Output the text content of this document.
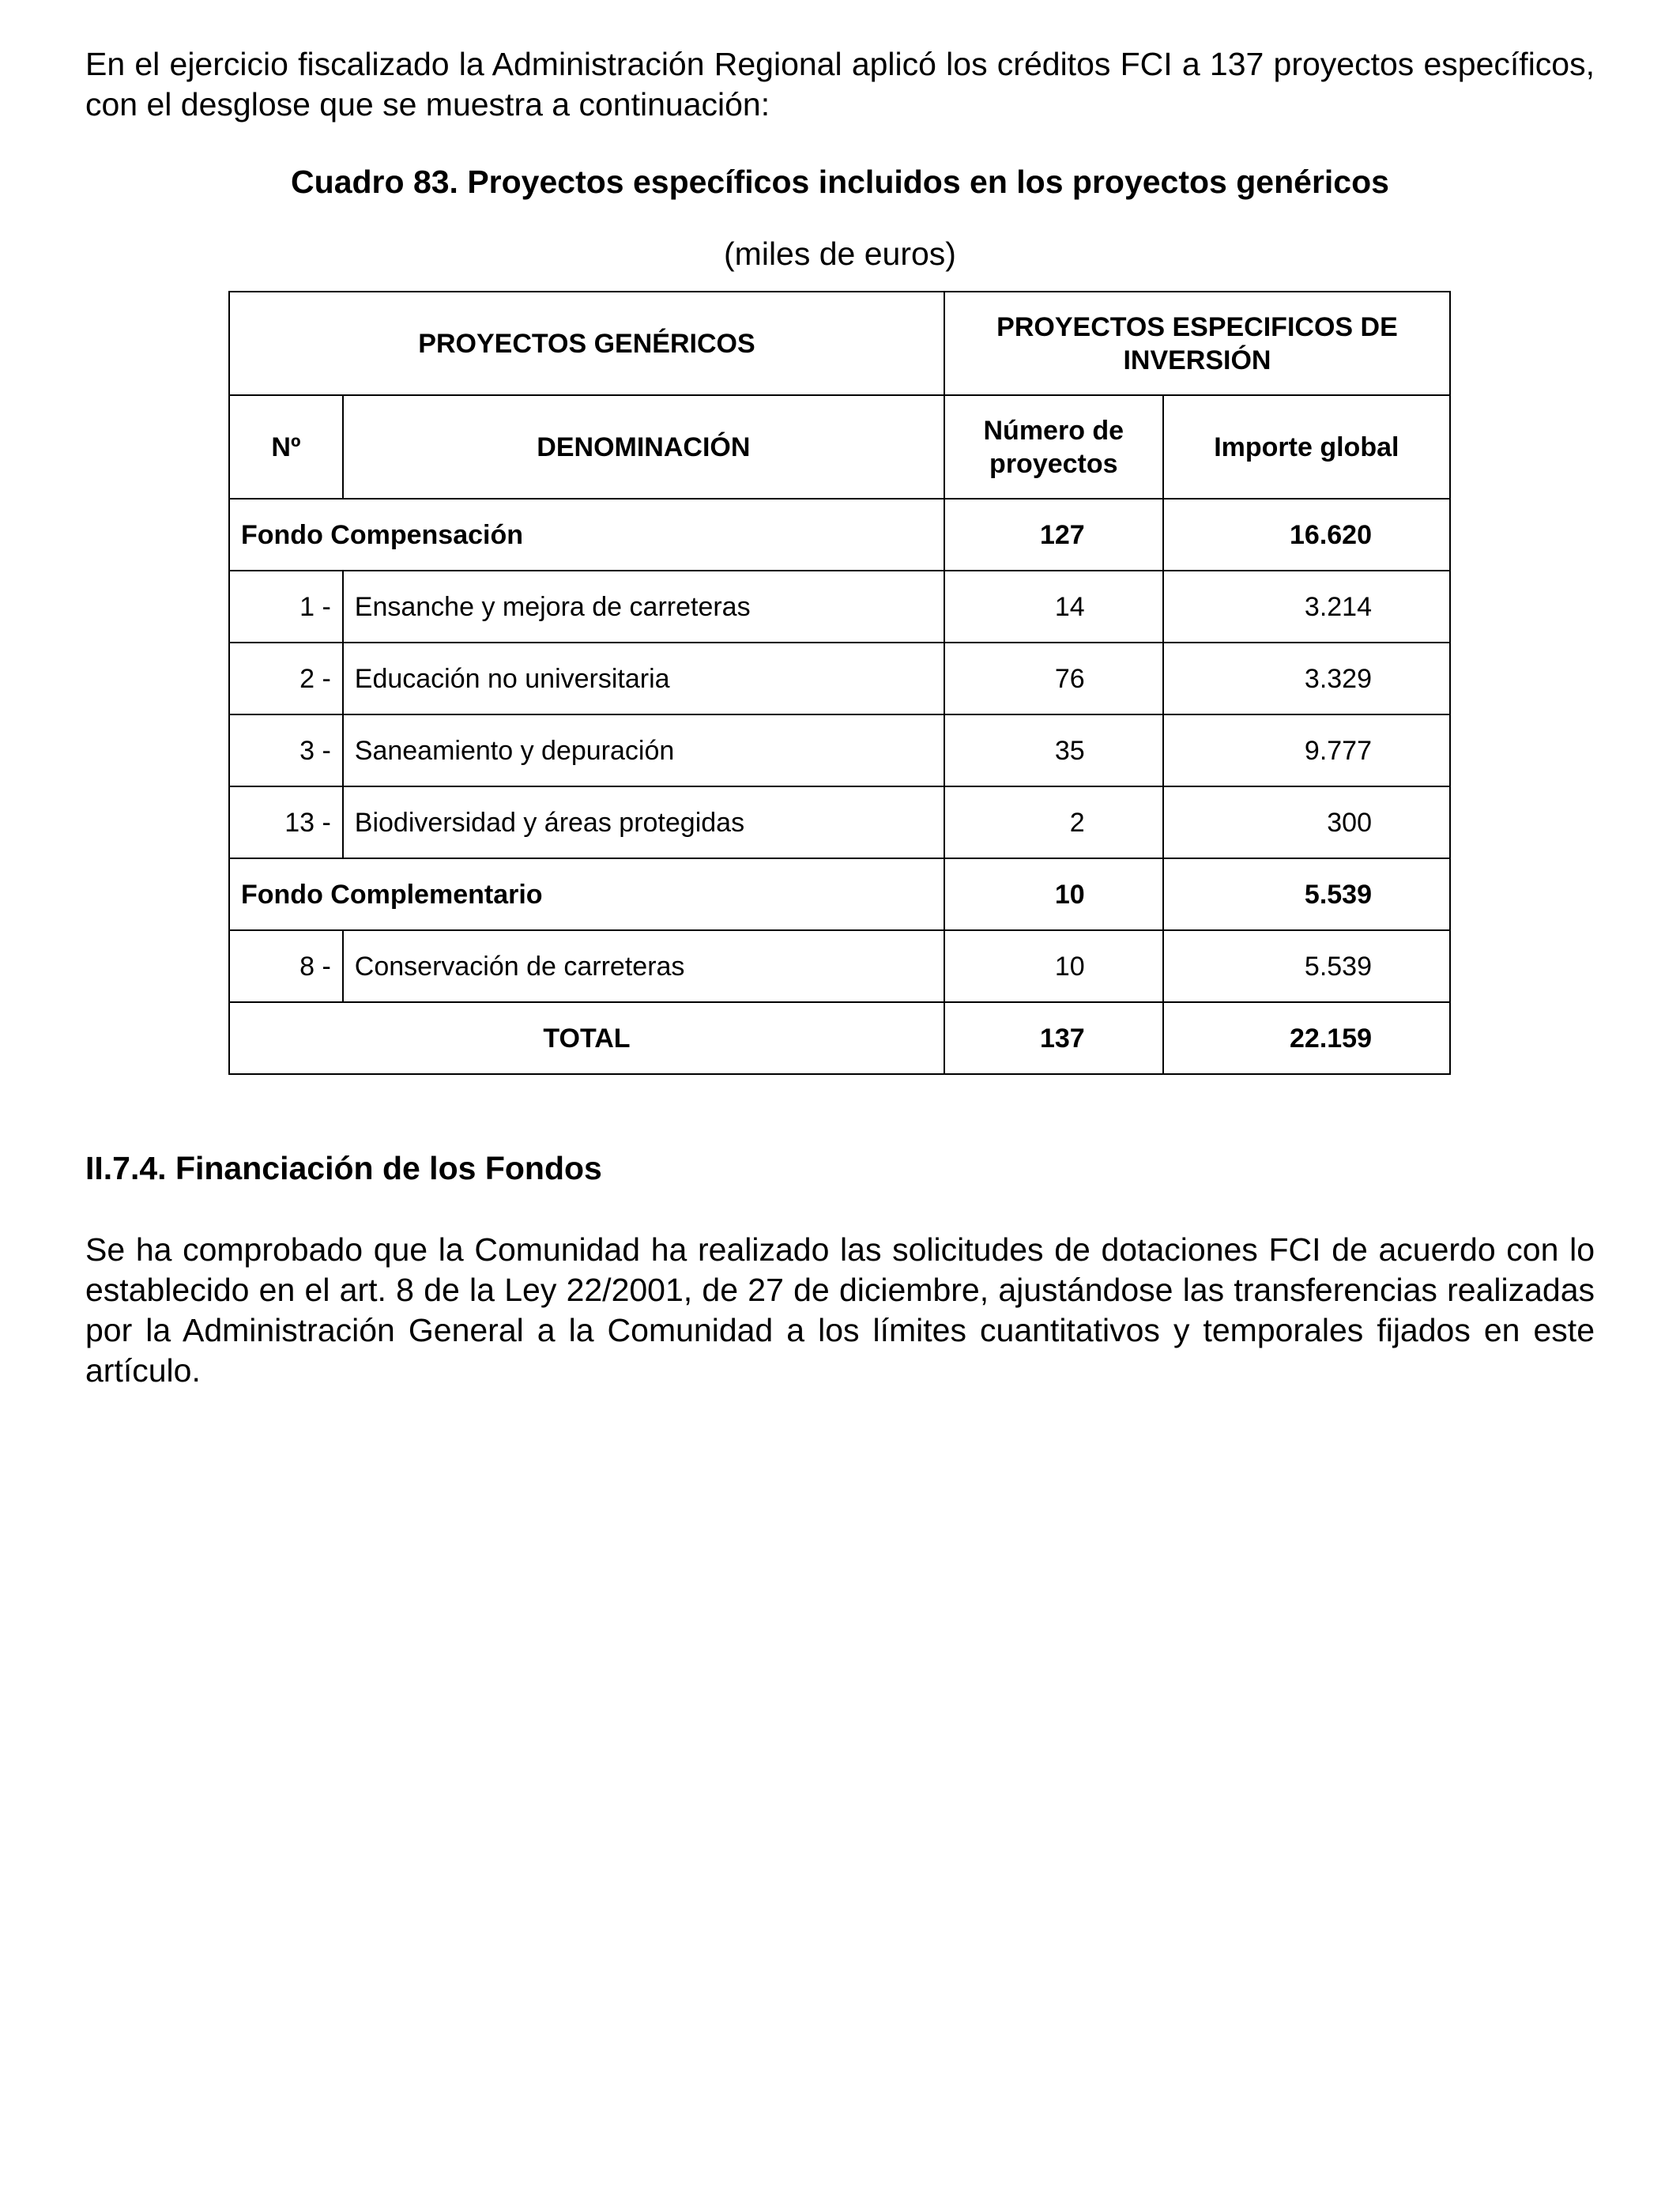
En el ejercicio fiscalizado la Administración Regional aplicó los créditos FCI a 137 proyectos específicos, con el desglose que se muestra a continuación:

Cuadro 83. Proyectos específicos incluidos en los proyectos genéricos

(miles de euros)

PROYECTOS GENÉRICOS		PROYECTOS ESPECIFICOS DE INVERSIÓN	
Nº	DENOMINACIÓN	Número de proyectos	Importe global
Fondo Compensación		127	16.620
1 -	Ensanche y mejora de carreteras	14	3.214
2 -	Educación no universitaria	76	3.329
3 -	Saneamiento y depuración	35	9.777
13 -	Biodiversidad y áreas protegidas	2	300
Fondo Complementario		10	5.539
8 -	Conservación de carreteras	10	5.539
TOTAL		137	22.159

II.7.4. Financiación de los Fondos

Se ha comprobado que la Comunidad ha realizado las solicitudes de dotaciones FCI de acuerdo con lo establecido en el art. 8 de la Ley 22/2001, de 27 de diciembre, ajustándose las transferencias realizadas por la Administración General a la Comunidad a los límites cuantitativos y temporales fijados en este artículo.
